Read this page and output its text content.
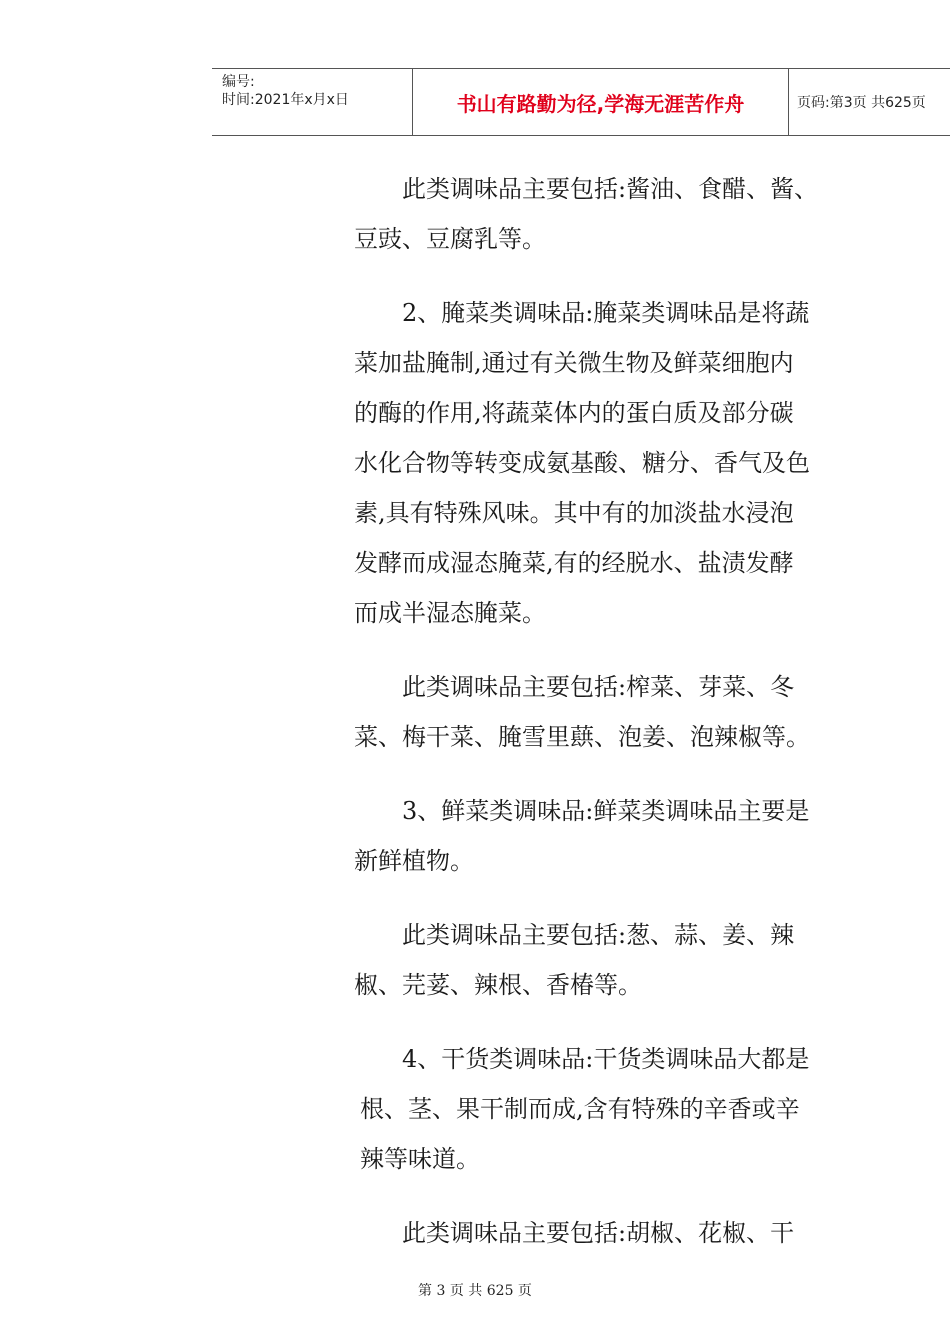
编号:
时间:2021年x月x日	书山有路勤为径,学海无涯苦作舟	页码:第3页 共625页
此类调味品主要包括:酱油、食醋、酱、
豆豉、豆腐乳等。
2、腌菜类调味品:腌菜类调味品是将蔬
菜加盐腌制,通过有关微生物及鲜菜细胞内
的酶的作用,将蔬菜体内的蛋白质及部分碳
水化合物等转变成氨基酸、糖分、香气及色
素,具有特殊风味。其中有的加淡盐水浸泡
发酵而成湿态腌菜,有的经脱水、盐渍发酵
而成半湿态腌菜。
此类调味品主要包括:榨菜、芽菜、冬
菜、梅干菜、腌雪里蕻、泡姜、泡辣椒等。
3、鲜菜类调味品:鲜菜类调味品主要是
新鲜植物。
此类调味品主要包括:葱、蒜、姜、辣
椒、芫荽、辣根、香椿等。
4、干货类调味品:干货类调味品大都是
根、茎、果干制而成,含有特殊的辛香或辛
辣等味道。
此类调味品主要包括:胡椒、花椒、干
第 3 页 共 625 页
